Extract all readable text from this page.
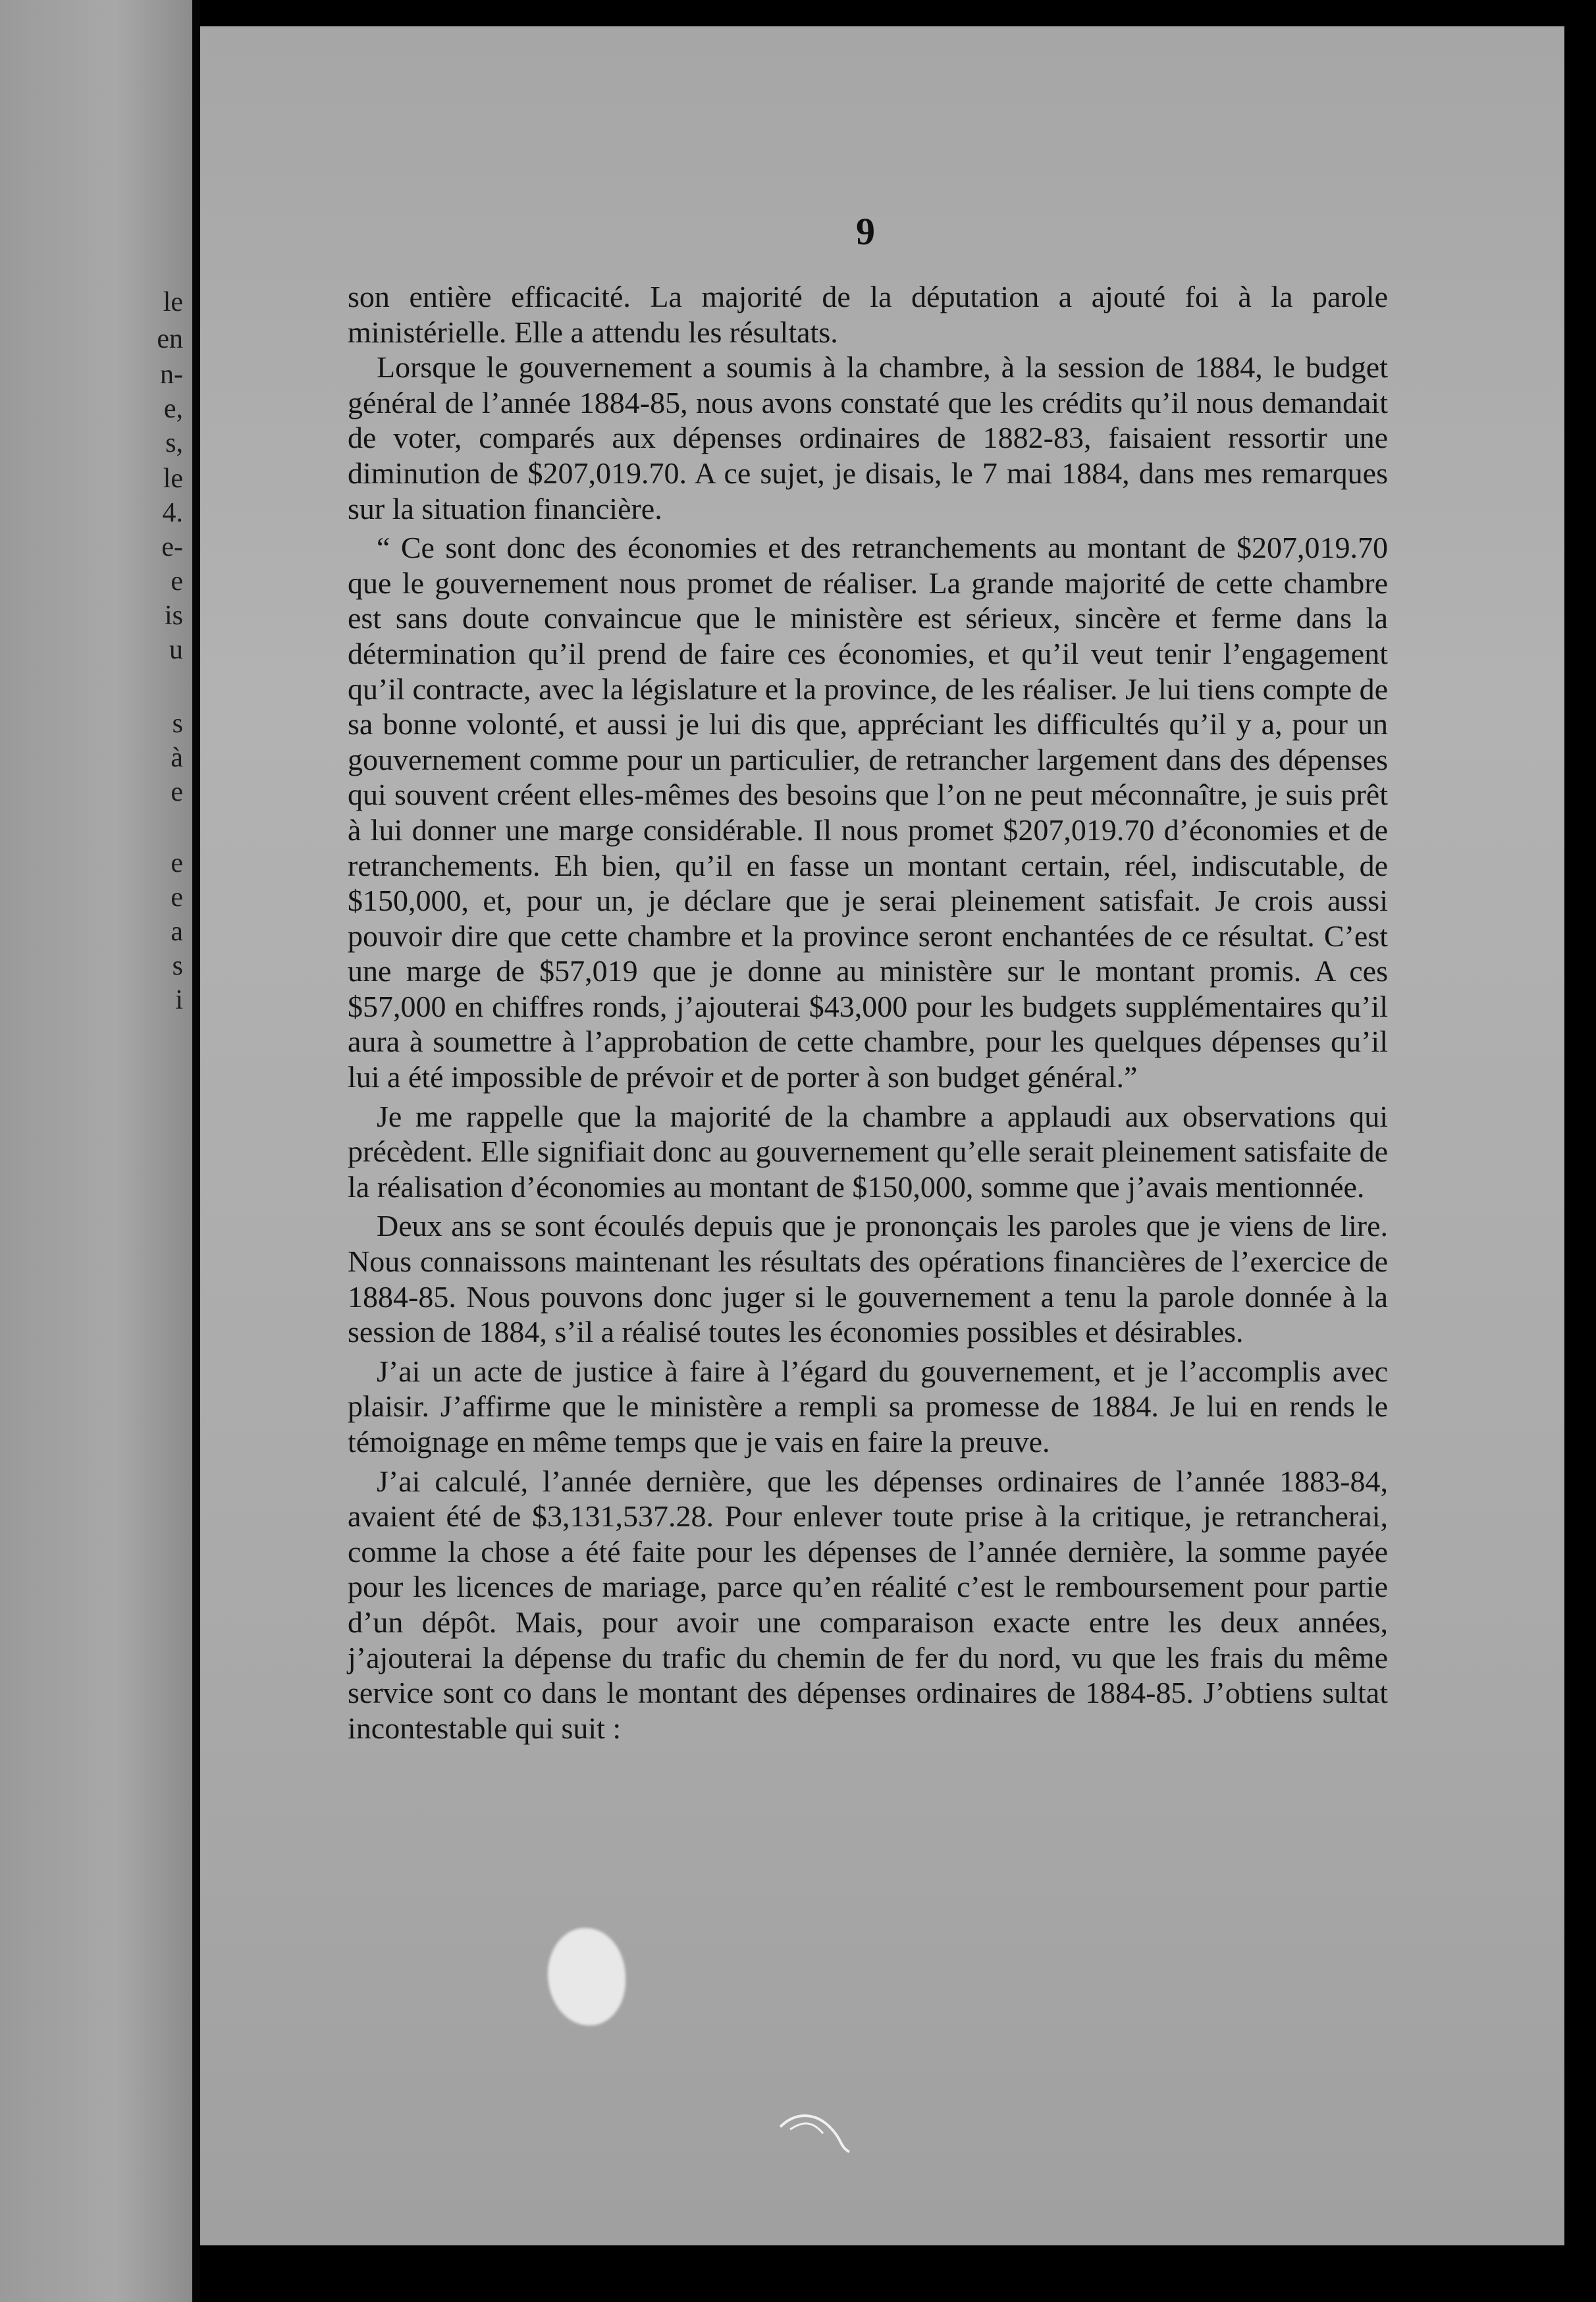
le
en
n-
e,
s,
le
4.
e-
e
is
u
s
à
e
e
e
a
s
i
9

son entière efficacité. La majorité de la députation a ajouté foi à la parole ministérielle. Elle a attendu les résultats.

Lorsque le gouvernement a soumis à la chambre, à la session de 1884, le budget général de l’année 1884-85, nous avons constaté que les crédits qu’il nous demandait de voter, comparés aux dépenses ordinaires de 1882-83, faisaient ressortir une diminution de $207,019.70. A ce sujet, je disais, le 7 mai 1884, dans mes remarques sur la situation financière.

“ Ce sont donc des économies et des retranchements au montant de $207,019.70 que le gouvernement nous promet de réaliser. La grande majorité de cette chambre est sans doute convaincue que le ministère est sérieux, sincère et ferme dans la détermination qu’il prend de faire ces économies, et qu’il veut tenir l’engagement qu’il contracte, avec la législature et la province, de les réaliser. Je lui tiens compte de sa bonne volonté, et aussi je lui dis que, appréciant les difficultés qu’il y a, pour un gouvernement comme pour un particulier, de retrancher largement dans des dépenses qui souvent créent elles-mêmes des besoins que l’on ne peut méconnaître, je suis prêt à lui donner une marge considérable. Il nous promet $207,019.70 d’économies et de retranchements. Eh bien, qu’il en fasse un montant certain, réel, indiscutable, de $150,000, et, pour un, je déclare que je serai pleinement satisfait. Je crois aussi pouvoir dire que cette chambre et la province seront enchantées de ce résultat. C’est une marge de $57,019 que je donne au ministère sur le montant promis. A ces $57,000 en chiffres ronds, j’ajouterai $43,000 pour les budgets supplémentaires qu’il aura à soumettre à l’approbation de cette chambre, pour les quelques dépenses qu’il lui a été impossible de prévoir et de porter à son budget général.”

Je me rappelle que la majorité de la chambre a applaudi aux observations qui précèdent. Elle signifiait donc au gouvernement qu’elle serait pleinement satisfaite de la réalisation d’économies au montant de $150,000, somme que j’avais mentionnée.

Deux ans se sont écoulés depuis que je prononçais les paroles que je viens de lire. Nous connaissons maintenant les résultats des opérations financières de l’exercice de 1884-85. Nous pouvons donc juger si le gouvernement a tenu la parole donnée à la session de 1884, s’il a réalisé toutes les économies possibles et désirables.

J’ai un acte de justice à faire à l’égard du gouvernement, et je l’accomplis avec plaisir. J’affirme que le ministère a rempli sa promesse de 1884. Je lui en rends le témoignage en même temps que je vais en faire la preuve.

J’ai calculé, l’année dernière, que les dépenses ordinaires de l’année 1883-84, avaient été de $3,131,537.28. Pour enlever toute prise à la critique, je retrancherai, comme la chose a été faite pour les dépenses de l’année dernière, la somme payée pour les licences de mariage, parce qu’en réalité c’est le remboursement pour partie d’un dépôt. Mais, pour avoir une comparaison exacte entre les deux années, j’ajouterai la dépense du trafic du chemin de fer du nord, vu que les frais du même service sont co dans le montant des dépenses ordinaires de 1884-85. J’obtiens sultat incontestable qui suit :
